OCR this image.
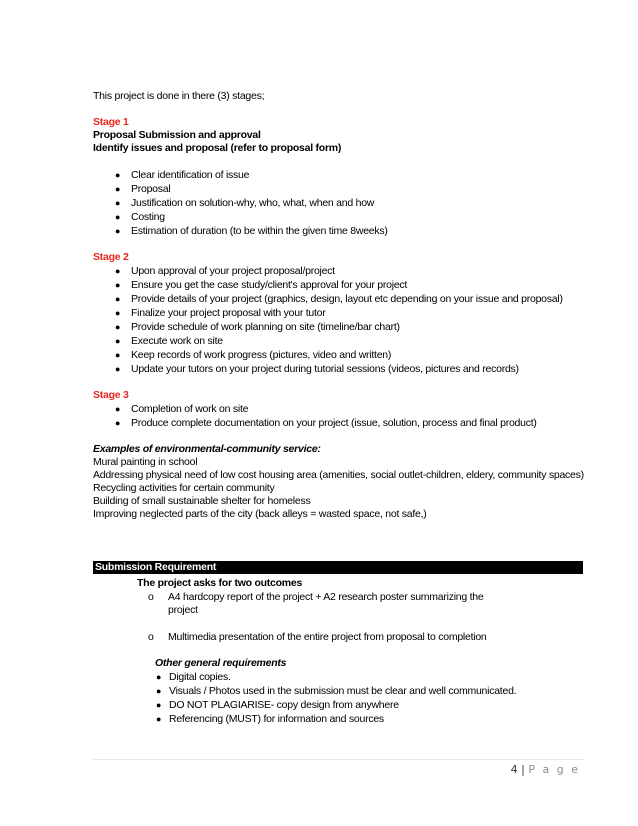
This project is done in there (3) stages;
Stage 1
Proposal Submission and approval
Identify issues and proposal (refer to proposal form)
● Clear identification of issue
● Proposal
● Justification on solution-why, who, what, when and how
● Costing
● Estimation of duration (to be within the given time 8weeks)
Stage 2
● Upon approval of your project proposal/project
● Ensure you get the case study/client's approval for your project
● Provide details of your project (graphics, design, layout etc depending on your issue and proposal)
● Finalize your project proposal with your tutor
● Provide schedule of work planning on site (timeline/bar chart)
● Execute work on site
● Keep records of work progress (pictures, video and written)
● Update your tutors on your project during tutorial sessions (videos, pictures and records)
Stage 3
● Completion of work on site
● Produce complete documentation on your project (issue, solution, process and final product)
Examples of environmental-community service:
Mural painting in school
Addressing physical need of low cost housing area (amenities, social outlet-children, eldery, community spaces)
Recycling activities for certain community
Building of small sustainable shelter for homeless
Improving neglected parts of the city (back alleys = wasted space, not safe,)
Submission Requirement
The project asks for two outcomes
o A4 hardcopy report of the project + A2 research poster summarizing the
project
o Multimedia presentation of the entire project from proposal to completion
Other general requirements
● Digital copies.
● Visuals / Photos used in the submission must be clear and well communicated.
● DO NOT PLAGIARISE- copy design from anywhere
● Referencing (MUST) for information and sources
4 | P a g e
